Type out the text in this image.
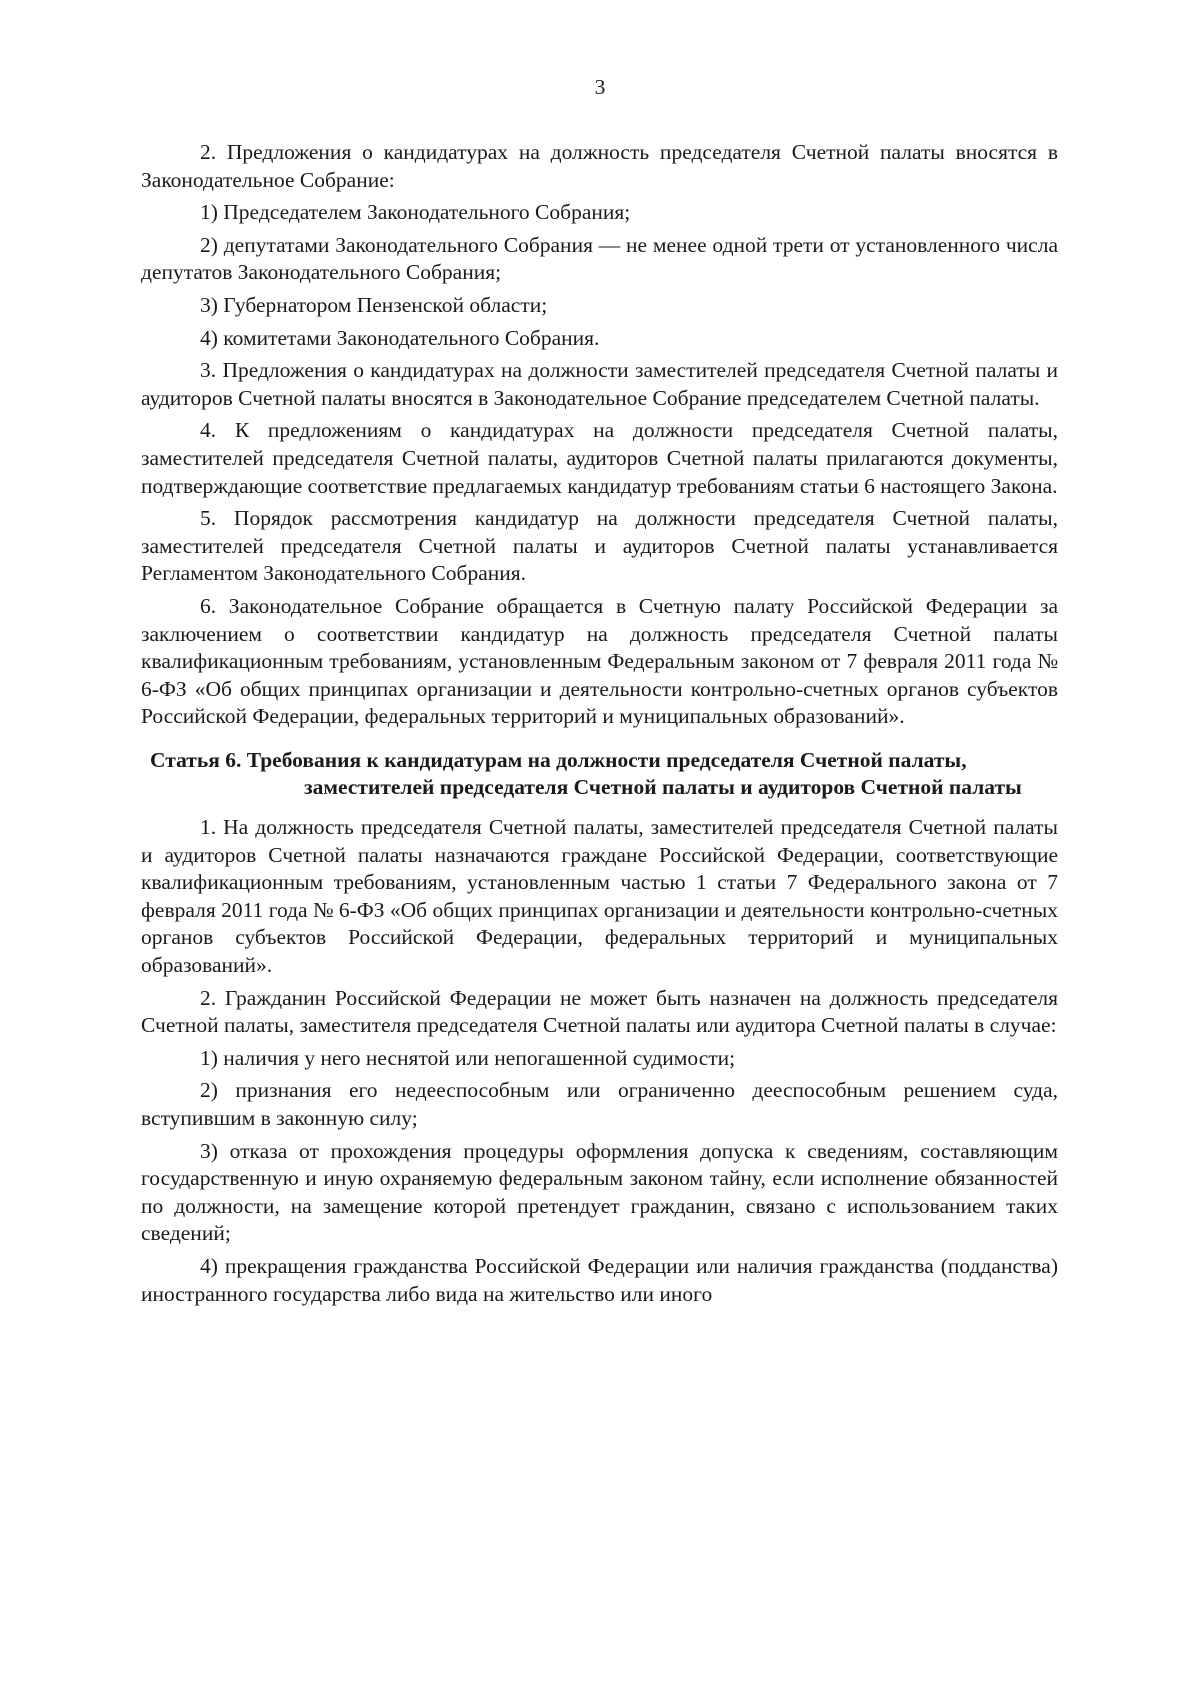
3

2. Предложения о кандидатурах на должность председателя Счетной палаты вносятся в Законодательное Собрание:

1) Председателем Законодательного Собрания;

2) депутатами Законодательного Собрания — не менее одной трети от установленного числа депутатов Законодательного Собрания;

3) Губернатором Пензенской области;

4) комитетами Законодательного Собрания.

3. Предложения о кандидатурах на должности заместителей председателя Счетной палаты и аудиторов Счетной палаты вносятся в Законодательное Собрание председателем Счетной палаты.

4. К предложениям о кандидатурах на должности председателя Счетной палаты, заместителей председателя Счетной палаты, аудиторов Счетной палаты прилагаются документы, подтверждающие соответствие предлагаемых кандидатур требованиям статьи 6 настоящего Закона.

5. Порядок рассмотрения кандидатур на должности председателя Счетной палаты, заместителей председателя Счетной палаты и аудиторов Счетной палаты устанавливается Регламентом Законодательного Собрания.

6. Законодательное Собрание обращается в Счетную палату Российской Федерации за заключением о соответствии кандидатур на должность председателя Счетной палаты квалификационным требованиям, установленным Федеральным законом от 7 февраля 2011 года № 6-ФЗ «Об общих принципах организации и деятельности контрольно-счетных органов субъектов Российской Федерации, федеральных территорий и муниципальных образований».

Статья 6. Требования к кандидатурам на должности председателя Счетной палаты, заместителей председателя Счетной палаты и аудиторов Счетной палаты

1. На должность председателя Счетной палаты, заместителей председателя Счетной палаты и аудиторов Счетной палаты назначаются граждане Российской Федерации, соответствующие квалификационным требованиям, установленным частью 1 статьи 7 Федерального закона от 7 февраля 2011 года № 6-ФЗ «Об общих принципах организации и деятельности контрольно-счетных органов субъектов Российской Федерации, федеральных территорий и муниципальных образований».

2. Гражданин Российской Федерации не может быть назначен на должность председателя Счетной палаты, заместителя председателя Счетной палаты или аудитора Счетной палаты в случае:

1) наличия у него неснятой или непогашенной судимости;

2) признания его недееспособным или ограниченно дееспособным решением суда, вступившим в законную силу;

3) отказа от прохождения процедуры оформления допуска к сведениям, составляющим государственную и иную охраняемую федеральным законом тайну, если исполнение обязанностей по должности, на замещение которой претендует гражданин, связано с использованием таких сведений;

4) прекращения гражданства Российской Федерации или наличия гражданства (подданства) иностранного государства либо вида на жительство или иного
